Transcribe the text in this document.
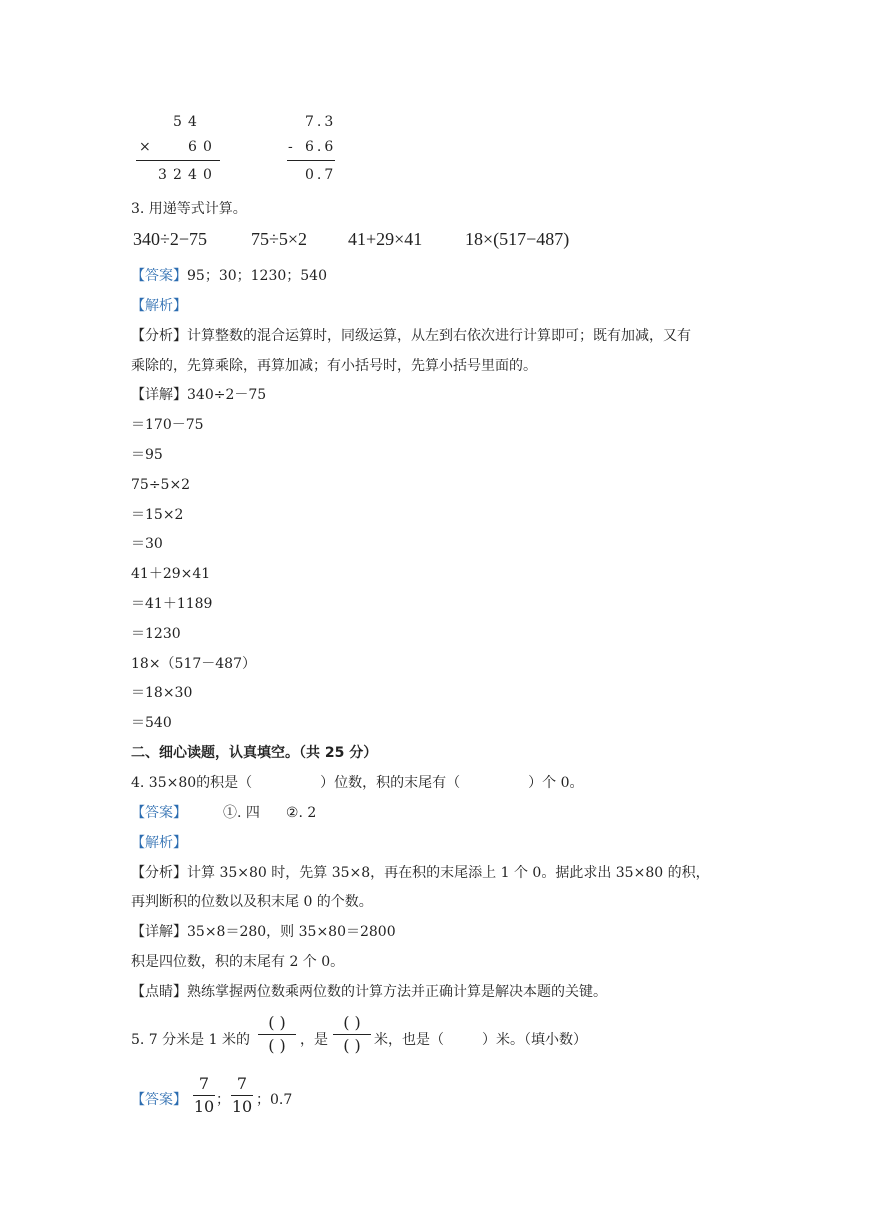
5 4
×	6 0
3 2 4 0
7.3
- 6.6
0.7
3. 用递等式计算。
340÷2−75 75÷5×2 41+29×41 18×(517−487)
【答案】95；30；1230；540
【解析】
【分析】计算整数的混合运算时，同级运算，从左到右依次进行计算即可；既有加减，又有
乘除的，先算乘除，再算加减；有小括号时，先算小括号里面的。
【详解】340÷2－75
＝170－75
＝95
75÷5×2
＝15×2
＝30
41＋29×41
＝41＋1189
＝1230
18×（517－487）
＝18×30
＝540
二、细心读题，认真填空。（共 25 分）
4. 35×80的积是（	）位数，积的末尾有（	）个 0。
【答案】	①. 四 ②. 2
【解析】
【分析】计算 35×80 时，先算 35×8，再在积的末尾添上 1 个 0。据此求出 35×80 的积，
再判断积的位数以及积末尾 0 的个数。
【详解】35×8＝280，则 35×80＝2800
积是四位数，积的末尾有 2 个 0。
【点睛】熟练掌握两位数乘两位数的计算方法并正确计算是解决本题的关键。
5. 7 分米是 1 米的
( )
( )	，是
( )
( ) 米，也是（	）米。（填小数）
【答案】
7
10 ；
7
10 ；0.7
